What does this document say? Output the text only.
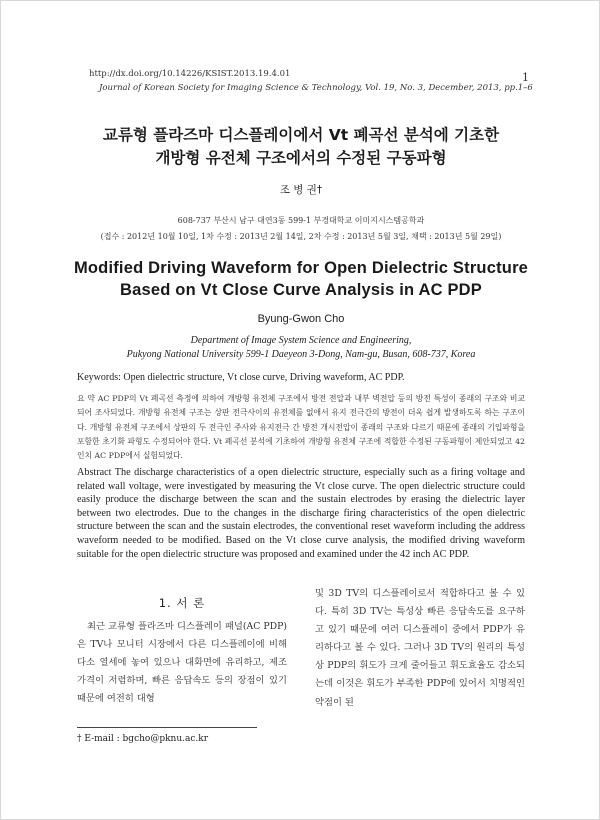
http://dx.doi.org/10.14226/KSIST.2013.19.4.01	1
Journal of Korean Society for Imaging Science & Technology, Vol. 19, No. 3, December, 2013, pp.1–6
교류형 플라즈마 디스플레이에서 Vt 폐곡선 분석에 기초한
개방형 유전체 구조에서의 수정된 구동파형
조 병 권†
608-737 부산시 남구 대연3동 599-1 부경대학교 이미지시스템공학과
(접수 : 2012년 10월 10일, 1차 수정 : 2013년 2월 14일, 2차 수정 : 2013년 5월 3일, 채택 : 2013년 5월 29일)
Modified Driving Waveform for Open Dielectric Structure
Based on Vt Close Curve Analysis in AC PDP
Byung-Gwon Cho
Department of Image System Science and Engineering,
Pukyong National University 599-1 Daeyeon 3-Dong, Nam-gu, Busan, 608-737, Korea
Keywords: Open dielectric structure, Vt close curve, Driving waveform, AC PDP.
요 약 AC PDP의 Vt 폐곡선 측정에 의하여 개방형 유전체 구조에서 방전 전압과 내부 벽전압 등의 방전 특성이 종래의 구조와 비교되어 조사되었다. 개방형 유전체 구조는 상판 전극사이의 유전체를 없애서 유지 전극간의 방전이 더욱 쉽게 발생하도록 하는 구조이다. 개방형 유전체 구조에서 상판의 두 전극인 주사와 유지전극 간 방전 개시전압이 종래의 구조와 다르기 때문에 종래의 기입파형을 포함한 초기화 파형도 수정되어야 한다. Vt 폐곡선 분석에 기초하여 개방형 유전체 구조에 적합한 수정된 구동파형이 제안되었고 42인치 AC PDP에서 실험되었다.
Abstract The discharge characteristics of a open dielectric structure, especially such as a firing voltage and related wall voltage, were investigated by measuring the Vt close curve. The open dielectric structure could easily produce the discharge between the scan and the sustain electrodes by erasing the dielectric layer between two electrodes. Due to the changes in the discharge firing characteristics of the open dielectric structure between the scan and the sustain electrodes, the conventional reset waveform including the address waveform needed to be modified. Based on the Vt close curve analysis, the modified driving waveform suitable for the open dielectric structure was proposed and examined under the 42 inch AC PDP.
1. 서 론
최근 교류형 플라즈마 디스플레이 패널(AC PDP)은 TV나 모니터 시장에서 다른 디스플레이에 비해 다소 열세에 놓여 있으나 대화면에 유리하고, 제조 가격이 저렴하며, 빠른 응답속도 등의 장점이 있기 때문에 여전히 대형
및 3D TV의 디스플레이로서 적합하다고 볼 수 있다. 특히 3D TV는 특성상 빠른 응답속도를 요구하고 있기 때문에 여러 디스플레이 중에서 PDP가 유리하다고 볼 수 있다. 그러나 3D TV의 원리의 특성상 PDP의 휘도가 크게 줄어들고 휘도효율도 감소되는데 이것은 휘도가 부족한 PDP에 있어서 치명적인 약점이 된
† E-mail : bgcho@pknu.ac.kr
